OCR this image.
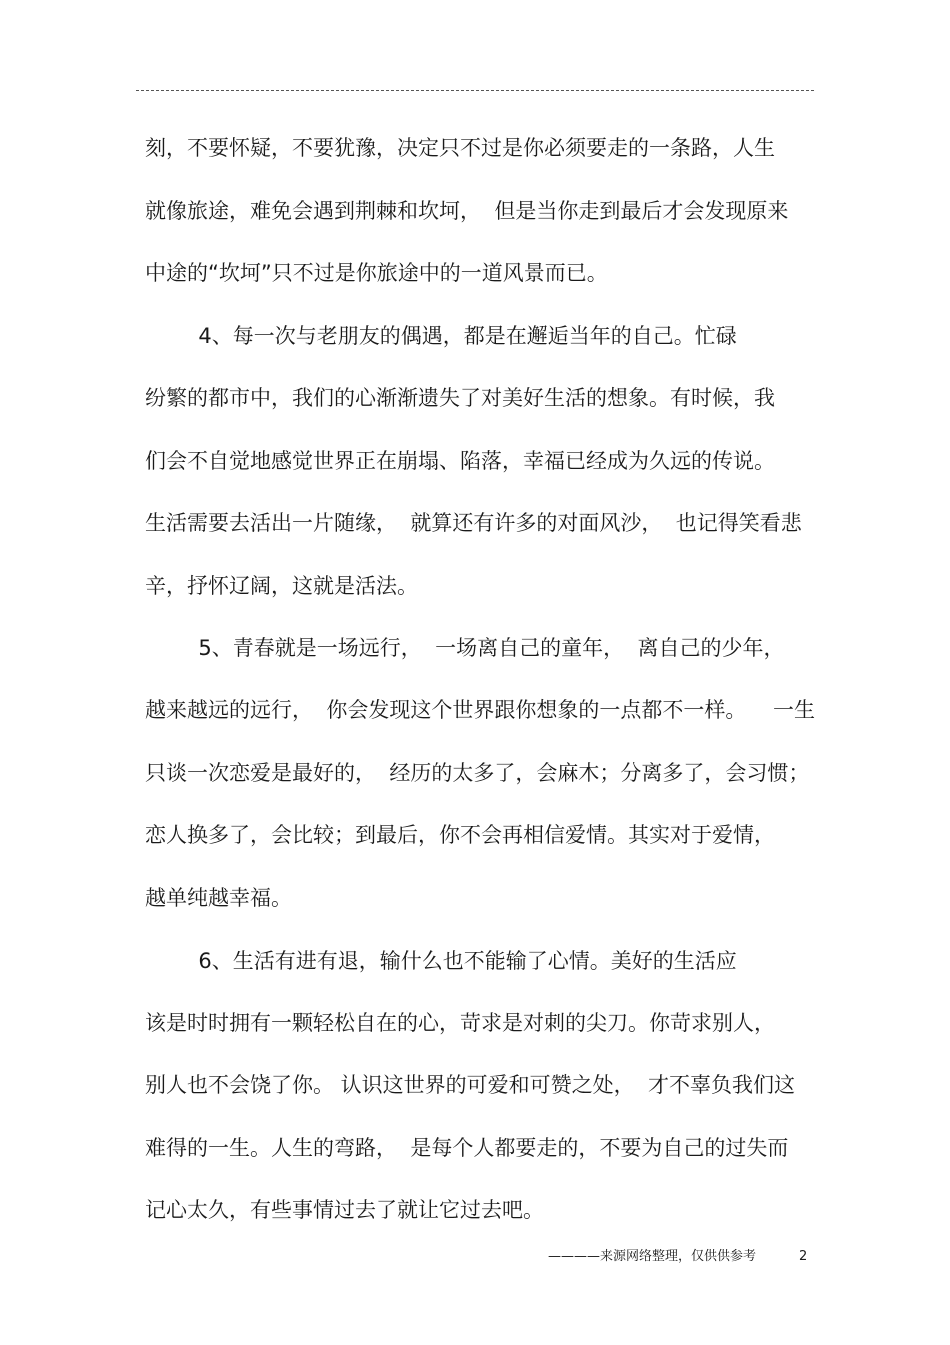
刻，不要怀疑，不要犹豫，决定只不过是你必须要走的一条路，人生
就像旅途，难免会遇到荆棘和坎坷，  但是当你走到最后才会发现原来
中途的“坎坷”只不过是你旅途中的一道风景而已。
4、每一次与老朋友的偶遇，都是在邂逅当年的自己。忙碌
纷繁的都市中，我们的心渐渐遗失了对美好生活的想象。有时候，我
们会不自觉地感觉世界正在崩塌、陷落，幸福已经成为久远的传说。
生活需要去活出一片随缘，  就算还有许多的对面风沙，  也记得笑看悲
辛，抒怀辽阔，这就是活法。
5、青春就是一场远行，  一场离自己的童年，  离自己的少年，
越来越远的远行，  你会发现这个世界跟你想象的一点都不一样。    一生
只谈一次恋爱是最好的，  经历的太多了，会麻木；分离多了，会习惯；
恋人换多了，会比较；到最后，你不会再相信爱情。其实对于爱情，
越单纯越幸福。
6、生活有进有退，输什么也不能输了心情。美好的生活应
该是时时拥有一颗轻松自在的心，苛求是对刺的尖刀。你苛求别人，
别人也不会饶了你。 认识这世界的可爱和可赞之处，  才不辜负我们这
难得的一生。人生的弯路，  是每个人都要走的，不要为自己的过失而
记心太久，有些事情过去了就让它过去吧。
————来源网络整理，仅供供参考	2
